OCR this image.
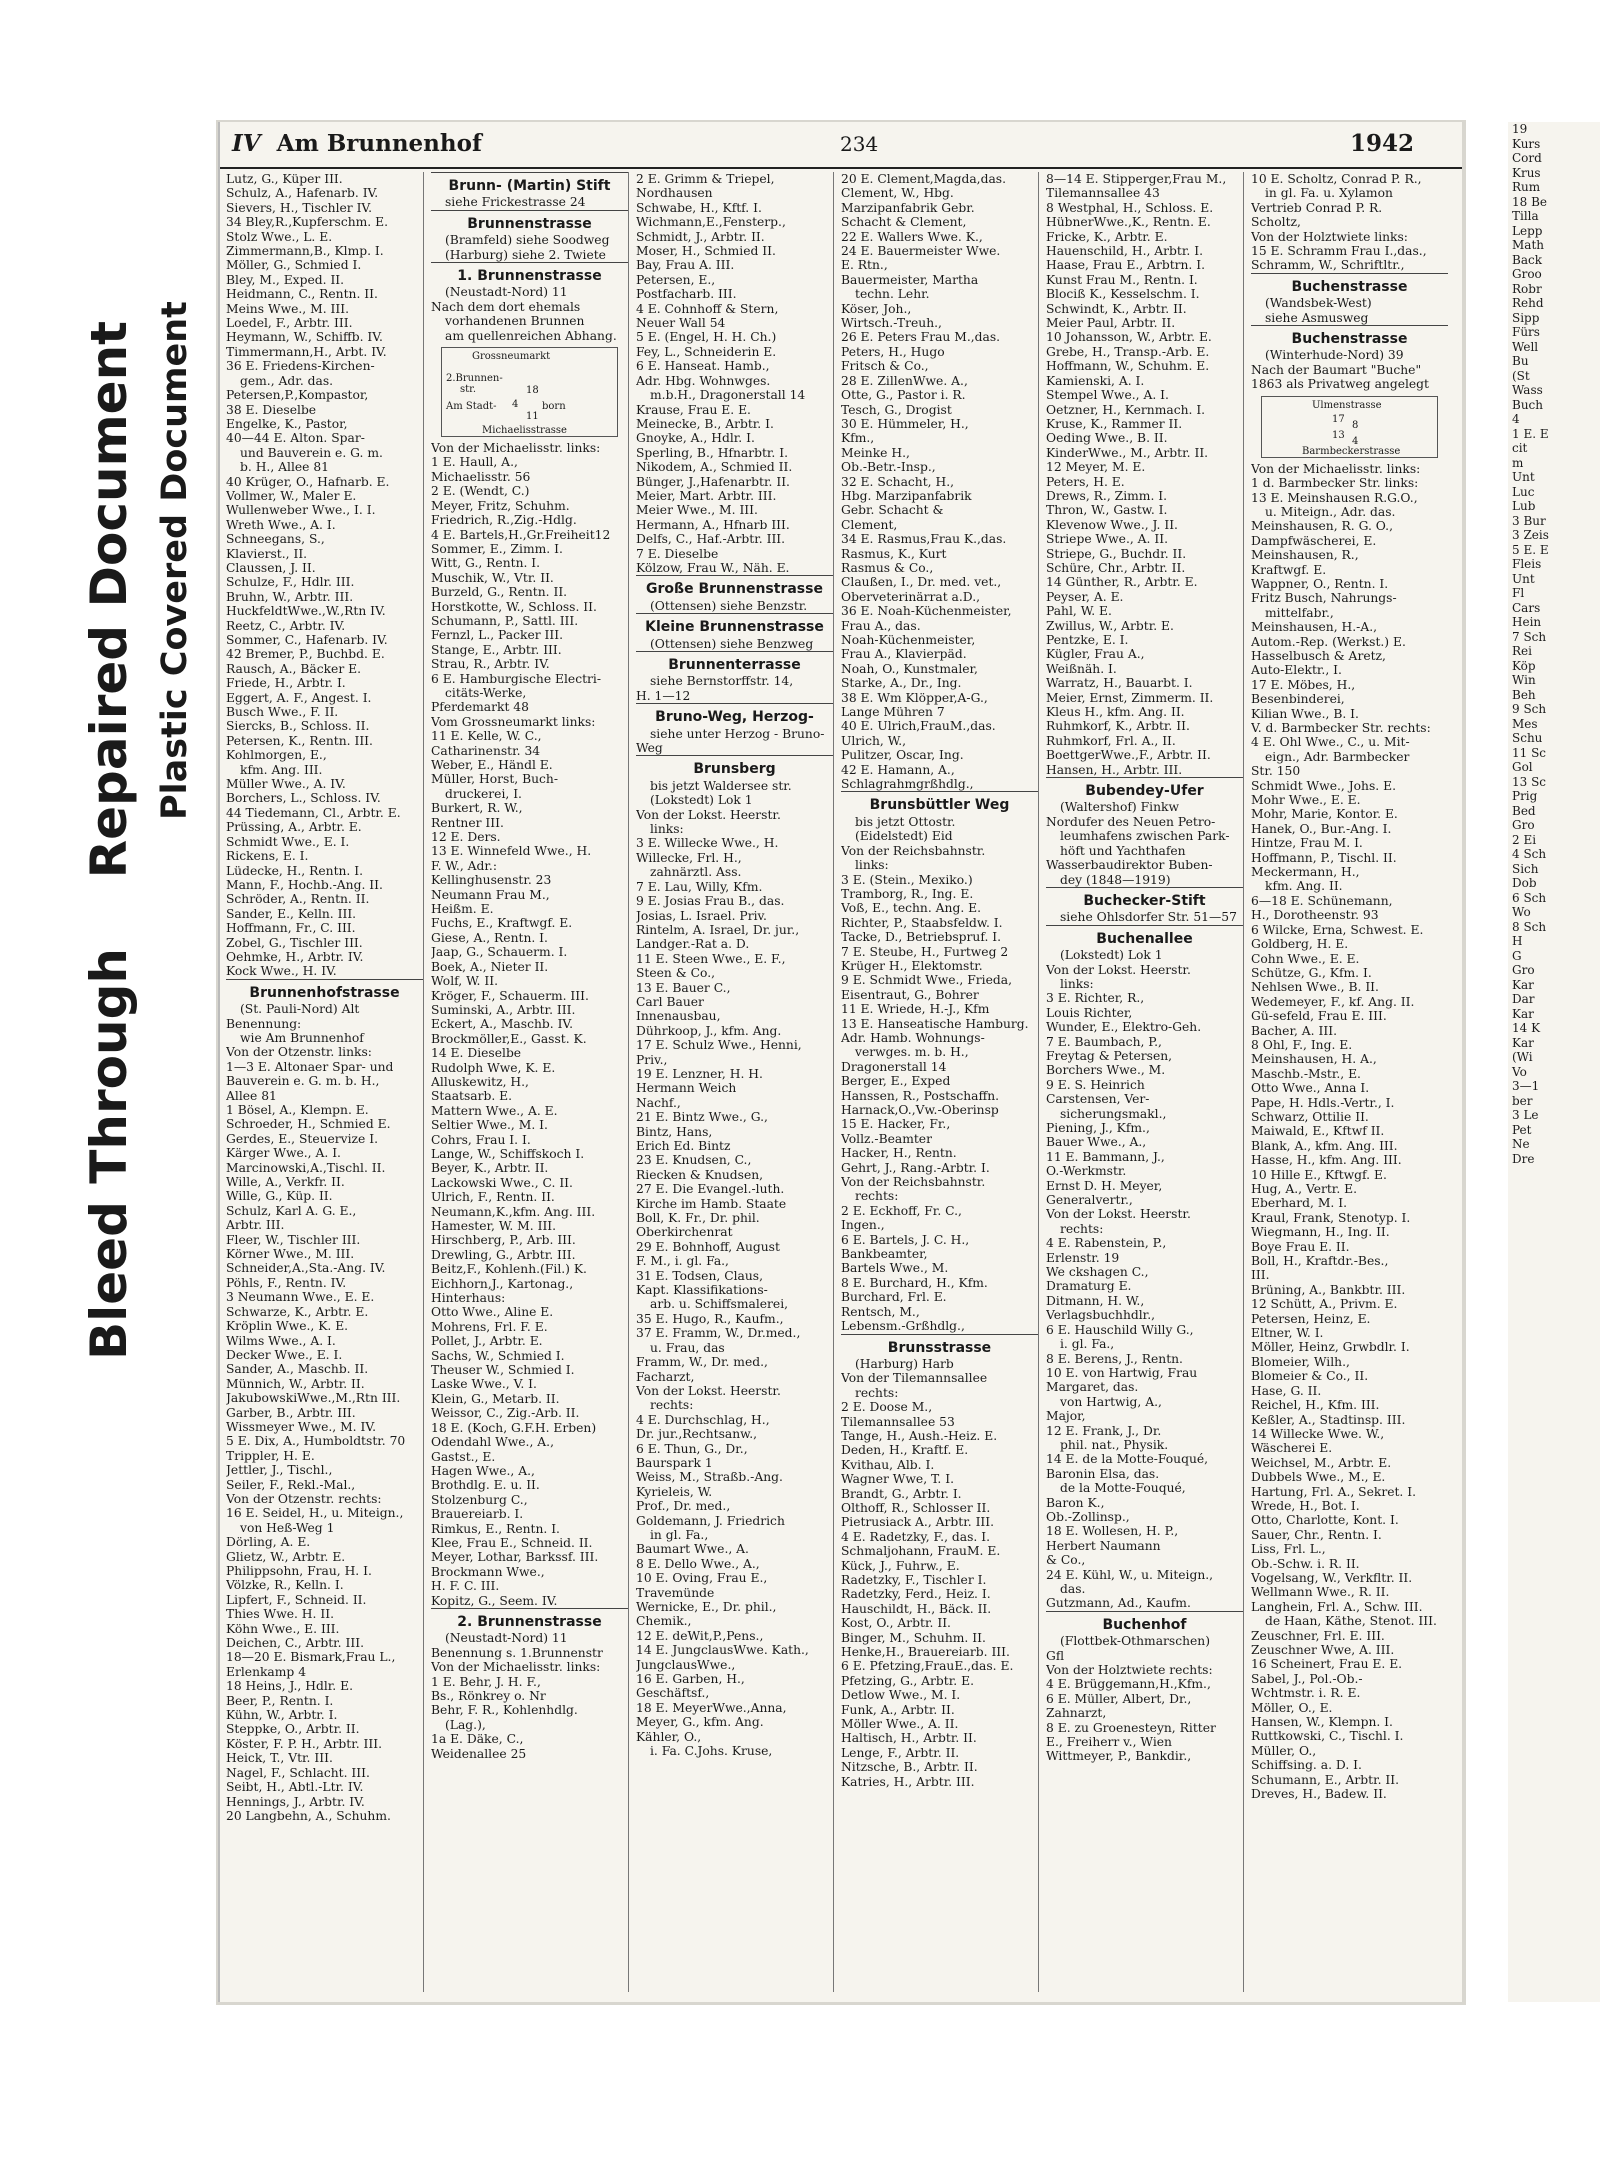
Bleed Through    Repaired Document Plastic Covered Document
IV Am Brunnenhof	234	1942
Lutz, G., Küper III.
Schulz, A., Hafenarb. IV.
Sievers, H., Tischler IV.
34 Bley,R.,Kupferschm. E.
Stolz Wwe., L. E.
Zimmermann,B., Klmp. I.
Möller, G., Schmied I.
Bley, M., Exped. II.
Heidmann, C., Rentn. II.
Meins Wwe., M. III.
Loedel, F., Arbtr. III.
Heymann, W., Schiffb. IV.
Timmermann,H., Arbt. IV.
36 E. Friedens-Kirchen-
gem., Adr. das.
Petersen,P.,Kompastor,
38 E. Dieselbe
Engelke, K., Pastor,
40—44 E. Alton. Spar-
und Bauverein e. G. m.
b. H., Allee 81
40 Krüger, O., Hafnarb. E.
Vollmer, W., Maler E.
Wullenweber Wwe., I. I.
Wreth Wwe., A. I.
Schneegans, S.,
Klavierst., II.
Claussen, J. II.
Schulze, F., Hdlr. III.
Bruhn, W., Arbtr. III.
HuckfeldtWwe.,W.,Rtn IV.
Reetz, C., Arbtr. IV.
Sommer, C., Hafenarb. IV.
42 Bremer, P., Buchbd. E.
Rausch, A., Bäcker E.
Friede, H., Arbtr. I.
Eggert, A. F., Angest. I.
Busch Wwe., F. II.
Siercks, B., Schloss. II.
Petersen, K., Rentn. III.
Kohlmorgen, E.,
kfm. Ang. III.
Müller Wwe., A. IV.
Borchers, L., Schloss. IV.
44 Tiedemann, Cl., Arbtr. E.
Prüssing, A., Arbtr. E.
Schmidt Wwe., E. I.
Rickens, E. I.
Lüdecke, H., Rentn. I.
Mann, F., Hochb.-Ang. II.
Schröder, A., Rentn. II.
Sander, E., Kelln. III.
Hoffmann, Fr., C. III.
Zobel, G., Tischler III.
Oehmke, H., Arbtr. IV.
Kock Wwe., H. IV.
Brunnenhofstrasse
(St. Pauli-Nord) Alt
Benennung:
wie Am Brunnenhof
Von der Otzenstr. links:
1—3 E. Altonaer Spar- und
Bauverein e. G. m. b. H.,
Allee 81
1 Bösel, A., Klempn. E.
Schroeder, H., Schmied E.
Gerdes, E., Steuervize I.
Kärger Wwe., A. I.
Marcinowski,A.,Tischl. II.
Wille, A., Verkfr. II.
Wille, G., Küp. II.
Schulz, Karl A. G. E.,
Arbtr. III.
Fleer, W., Tischler III.
Körner Wwe., M. III.
Schneider,A.,Sta.-Ang. IV.
Pöhls, F., Rentn. IV.
3 Neumann Wwe., E. E.
Schwarze, K., Arbtr. E.
Kröplin Wwe., K. E.
Wilms Wwe., A. I.
Decker Wwe., E. I.
Sander, A., Maschb. II.
Münnich, W., Arbtr. II.
JakubowskiWwe.,M.,Rtn III.
Garber, B., Arbtr. III.
Wissmeyer Wwe., M. IV.
5 E. Dix, A., Humboldtstr. 70
Trippler, H. E.
Jettler, J., Tischl.,
Seiler, F., Rekl.-Mal.,
Von der Otzenstr. rechts:
16 E. Seidel, H., u. Miteign.,
von Heß-Weg 1
Dörling, A. E.
Glietz, W., Arbtr. E.
Philippsohn, Frau, H. I.
Völzke, R., Kelln. I.
Lipfert, F., Schneid. II.
Thies Wwe. H. II.
Köhn Wwe., E. III.
Deichen, C., Arbtr. III.
18—20 E. Bismark,Frau L.,
Erlenkamp 4
18 Heins, J., Hdlr. E.
Beer, P., Rentn. I.
Kühn, W., Arbtr. I.
Steppke, O., Arbtr. II.
Köster, F. P. H., Arbtr. III.
Heick, T., Vtr. III.
Nagel, F., Schlacht. III.
Seibt, H., Abtl.-Ltr. IV.
Hennings, J., Arbtr. IV.
20 Langbehn, A., Schuhm.
Brunn- (Martin) Stift
siehe Frickestrasse 24
Brunnenstrasse
(Bramfeld) siehe Soodweg
(Harburg) siehe 2. Twiete
1. Brunnenstrasse
(Neustadt-Nord) 11
Nach dem dort ehemals
vorhandenen Brunnen
am quellenreichen Abhang.
Grossneumarkt
2.Brunnen-
str.
Am Stadt- 4
18
11
born
Michaelisstrasse
Von der Michaelisstr. links:
1 E. Haull, A.,
Michaelisstr. 56
2 E. (Wendt, C.)
Meyer, Fritz, Schuhm.
Friedrich, R.,Zig.-Hdlg.
4 E. Bartels,H.,Gr.Freiheit12
Sommer, E., Zimm. I.
Witt, G., Rentn. I.
Muschik, W., Vtr. II.
Burzeld, G., Rentn. II.
Horstkotte, W., Schloss. II.
Schumann, P., Sattl. III.
Fernzl, L., Packer III.
Stange, E., Arbtr. III.
Strau, R., Arbtr. IV.
6 E. Hamburgische Electri-
citäts-Werke,
Pferdemarkt 48
Vom Grossneumarkt links:
11 E. Kelle, W. C.,
Catharinenstr. 34
Weber, E., Händl E.
Müller, Horst, Buch-
druckerei, I.
Burkert, R. W.,
Rentner III.
12 E. Ders.
13 E. Winnefeld Wwe., H.
F. W., Adr.:
Kellinghusenstr. 23
Neumann Frau M.,
Heißm. E.
Fuchs, E., Kraftwgf. E.
Giese, A., Rentn. I.
Jaap, G., Schauerm. I.
Boek, A., Nieter II.
Wolf, W. II.
Kröger, F., Schauerm. III.
Suminski, A., Arbtr. III.
Eckert, A., Maschb. IV.
Brockmöller,E., Gasst. K.
14 E. Dieselbe
Rudolph Wwe, K. E.
Alluskewitz, H.,
Staatsarb. E.
Mattern Wwe., A. E.
Seltier Wwe., M. I.
Cohrs, Frau I. I.
Lange, W., Schiffskoch I.
Beyer, K., Arbtr. II.
Lackowski Wwe., C. II.
Ulrich, F., Rentn. II.
Neumann,K.,kfm. Ang. III.
Hamester, W. M. III.
Hirschberg, P., Arb. III.
Drewling, G., Arbtr. III.
Beitz,F., Kohlenh.(Fil.) K.
Eichhorn,J., Kartonag.,
Hinterhaus:
Otto Wwe., Aline E.
Mohrens, Frl. F. E.
Pollet, J., Arbtr. E.
Sachs, W., Schmied I.
Theuser W., Schmied I.
Laske Wwe., V. I.
Klein, G., Metarb. II.
Weissor, C., Zig.-Arb. II.
18 E. (Koch, G.F.H. Erben)
Odendahl Wwe., A.,
Gastst., E.
Hagen Wwe., A.,
Brothdlg. E. u. II.
Stolzenburg C.,
Brauereiarb. I.
Rimkus, E., Rentn. I.
Klee, Frau E., Schneid. II.
Meyer, Lothar, Barkssf. III.
Brockmann Wwe.,
H. F. C. III.
Kopitz, G., Seem. IV.
2. Brunnenstrasse
(Neustadt-Nord) 11
Benennung s. 1.Brunnenstr
Von der Michaelisstr. links:
1 E. Behr, J. H. F.,
Bs., Rönkrey o. Nr
Behr, F. R., Kohlenhdlg.
(Lag.),
1a E. Däke, C.,
Weidenallee 25
2 E. Grimm & Triepel,
Nordhausen
Schwabe, H., Kftf. I.
Wichmann,E.,Fensterp.,
Schmidt, J., Arbtr. II.
Moser, H., Schmied II.
Bay, Frau A. III.
Petersen, E.,
Postfacharb. III.
4 E. Cohnhoff & Stern,
Neuer Wall 54
5 E. (Engel, H. H. Ch.)
Fey, L., Schneiderin E.
6 E. Hanseat. Hamb.,
Adr. Hbg. Wohnwges.
m.b.H., Dragonerstall 14
Krause, Frau E. E.
Meinecke, B., Arbtr. I.
Gnoyke, A., Hdlr. I.
Sperling, B., Hfnarbtr. I.
Nikodem, A., Schmied II.
Bünger, J.,Hafenarbtr. II.
Meier, Mart. Arbtr. III.
Meier Wwe., M. III.
Hermann, A., Hfnarb III.
Delfs, C., Haf.-Arbtr. III.
7 E. Dieselbe
Kölzow, Frau W., Näh. E.
Große Brunnenstrasse
(Ottensen) siehe Benzstr.
Kleine Brunnenstrasse
(Ottensen) siehe Benzweg
Brunnenterrasse
siehe Bernstorffstr. 14,
H. 1—12
Bruno-Weg, Herzog-
siehe unter Herzog - Bruno-
Weg
Brunsberg
bis jetzt Waldersee str.
(Lokstedt) Lok 1
Von der Lokst. Heerstr.
links:
3 E. Willecke Wwe., H.
Willecke, Frl. H.,
zahnärztl. Ass.
7 E. Lau, Willy, Kfm.
9 E. Josias Frau B., das.
Josias, L. Israel. Priv.
Rintelm, A. Israel, Dr. jur.,
Landger.-Rat a. D.
11 E. Steen Wwe., E. F.,
Steen & Co.,
13 E. Bauer C.,
Carl Bauer
Innenausbau,
Dührkoop, J., kfm. Ang.
17 E. Schulz Wwe., Henni,
Priv.,
19 E. Lenzner, H. H.
Hermann Weich
Nachf.,
21 E. Bintz Wwe., G.,
Bintz, Hans,
Erich Ed. Bintz
23 E. Knudsen, C.,
Riecken & Knudsen,
27 E. Die Evangel.-luth.
Kirche im Hamb. Staate
Boll, K. Fr., Dr. phil.
Oberkirchenrat
29 E. Bohnhoff, August
F. M., i. gl. Fa.,
31 E. Todsen, Claus,
Kapt. Klassifikations-
arb. u. Schiffsmalerei,
35 E. Hugo, R., Kaufm.,
37 E. Framm, W., Dr.med.,
u. Frau, das
Framm, W., Dr. med.,
Facharzt,
Von der Lokst. Heerstr.
rechts:
4 E. Durchschlag, H.,
Dr. jur.,Rechtsanw.,
6 E. Thun, G., Dr.,
Baurspark 1
Weiss, M., Straßb.-Ang.
Kyrieleis, W.
Prof., Dr. med.,
Goldemann, J. Friedrich
in gl. Fa.,
Baumart Wwe., A.
8 E. Dello Wwe., A.,
10 E. Oving, Frau E.,
Travemünde
Wernicke, E., Dr. phil.,
Chemik.,
12 E. deWit,P.,Pens.,
14 E. JungclausWwe. Kath.,
JungclausWwe.,
16 E. Garben, H.,
Geschäftsf.,
18 E. MeyerWwe.,Anna,
Meyer, G., kfm. Ang.
Kähler, O.,
i. Fa. C.Johs. Kruse,
20 E. Clement,Magda,das.
Clement, W., Hbg.
Marzipanfabrik Gebr.
Schacht & Clement,
22 E. Wallers Wwe. K.,
24 E. Bauermeister Wwe.
E. Rtn.,
Bauermeister, Martha
techn. Lehr.
Köser, Joh.,
Wirtsch.-Treuh.,
26 E. Peters Frau M.,das.
Peters, H., Hugo
Fritsch & Co.,
28 E. ZillenWwe. A.,
Otte, G., Pastor i. R.
Tesch, G., Drogist
30 E. Hümmeler, H.,
Kfm.,
Meinke H.,
Ob.-Betr.-Insp.,
32 E. Schacht, H.,
Hbg. Marzipanfabrik
Gebr. Schacht &
Clement,
34 E. Rasmus,Frau K.,das.
Rasmus, K., Kurt
Rasmus & Co.,
Claußen, I., Dr. med. vet.,
Oberveterinärrat a.D.,
36 E. Noah-Küchenmeister,
Frau A., das.
Noah-Küchenmeister,
Frau A., Klavierpäd.
Noah, O., Kunstmaler,
Starke, A., Dr., Ing.
38 E. Wm Klöpper,A-G.,
Lange Mühren 7
40 E. Ulrich,FrauM.,das.
Ulrich, W.,
Pulitzer, Oscar, Ing.
42 E. Hamann, A.,
Schlagrahmgrßhdlg.,
Brunsbüttler Weg
bis jetzt Ottostr.
(Eidelstedt) Eid
Von der Reichsbahnstr.
links:
3 E. (Stein., Mexiko.)
Tramborg, R., Ing. E.
Voß, E., techn. Ang. E.
Richter, P., Staabsfeldw. I.
Tacke, D., Betriebspruf. I.
7 E. Steube, H., Furtweg 2
Krüger H., Elektomstr.
9 E. Schmidt Wwe., Frieda,
Eisentraut, G., Bohrer
11 E. Wriede, H.-J., Kfm
13 E. Hanseatische Hamburg.
Adr. Hamb. Wohnungs-
verwges. m. b. H.,
Dragonerstall 14
Berger, E., Exped
Hanssen, R., Postschaffn.
Harnack,O.,Vw.-Oberinsp
15 E. Hacker, Fr.,
Vollz.-Beamter
Hacker, H., Rentn.
Gehrt, J., Rang.-Arbtr. I.
Von der Reichsbahnstr.
rechts:
2 E. Eckhoff, Fr. C.,
Ingen.,
6 E. Bartels, J. C. H.,
Bankbeamter,
Bartels Wwe., M.
8 E. Burchard, H., Kfm.
Burchard, Frl. E.
Rentsch, M.,
Lebensm.-Grßhdlg.,
Brunsstrasse
(Harburg) Harb
Von der Tilemannsallee
rechts:
2 E. Doose M.,
Tilemannsallee 53
Tange, H., Aush.-Heiz. E.
Deden, H., Kraftf. E.
Kvithau, Alb. I.
Wagner Wwe, T. I.
Brandt, G., Arbtr. I.
Olthoff, R., Schlosser II.
Pietrusiack A., Arbtr. III.
4 E. Radetzky, F., das. I.
Schmaljohann, FrauM. E.
Kück, J., Fuhrw., E.
Radetzky, F., Tischler I.
Radetzky, Ferd., Heiz. I.
Hauschildt, H., Bäck. II.
Kost, O., Arbtr. II.
Binger, M., Schuhm. II.
Henke,H., Brauereiarb. III.
6 E. Pfetzing,FrauE.,das. E.
Pfetzing, G., Arbtr. E.
Detlow Wwe., M. I.
Funk, A., Arbtr. II.
Möller Wwe., A. II.
Haltisch, H., Arbtr. II.
Lenge, F., Arbtr. II.
Nitzsche, B., Arbtr. II.
Katries, H., Arbtr. III.
8—14 E. Stipperger,Frau M.,
Tilemannsallee 43
8 Westphal, H., Schloss. E.
HübnerWwe.,K., Rentn. E.
Fricke, K., Arbtr. E.
Hauenschild, H., Arbtr. I.
Haase, Frau E., Arbtrn. I.
Kunst Frau M., Rentn. I.
Blociß K., Kesselschm. I.
Schwindt, K., Arbtr. II.
Meier Paul, Arbtr. II.
10 Johansson, W., Arbtr. E.
Grebe, H., Transp.-Arb. E.
Hoffmann, W., Schuhm. E.
Kamienski, A. I.
Stempel Wwe., A. I.
Oetzner, H., Kernmach. I.
Kruse, K., Rammer II.
Oeding Wwe., B. II.
KinderWwe., M., Arbtr. II.
12 Meyer, M. E.
Peters, H. E.
Drews, R., Zimm. I.
Thron, W., Gastw. I.
Klevenow Wwe., J. II.
Striepe Wwe., A. II.
Striepe, G., Buchdr. II.
Schüre, Chr., Arbtr. II.
14 Günther, R., Arbtr. E.
Peyser, A. E.
Pahl, W. E.
Zwillus, W., Arbtr. E.
Pentzke, E. I.
Kügler, Frau A.,
Weißnäh. I.
Warratz, H., Bauarbt. I.
Meier, Ernst, Zimmerm. II.
Kleus H., kfm. Ang. II.
Ruhmkorf, K., Arbtr. II.
Ruhmkorf, Frl. A., II.
BoettgerWwe.,F., Arbtr. II.
Hansen, H., Arbtr. III.
Bubendey-Ufer
(Waltershof) Finkw
Nordufer des Neuen Petro-
leumhafens zwischen Park-
höft und Yachthafen
Wasserbaudirektor Buben-
dey (1848—1919)
Buchecker-Stift
siehe Ohlsdorfer Str. 51—57
Buchenallee
(Lokstedt) Lok 1
Von der Lokst. Heerstr.
links:
3 E. Richter, R.,
Louis Richter,
Wunder, E., Elektro-Geh.
7 E. Baumbach, P.,
Freytag & Petersen,
Borchers Wwe., M.
9 E. S. Heinrich
Carstensen, Ver-
sicherungsmakl.,
Piening, J., Kfm.,
Bauer Wwe., A.,
11 E. Bammann, J.,
O.-Werkmstr.
Ernst D. H. Meyer,
Generalvertr.,
Von der Lokst. Heerstr.
rechts:
4 E. Rabenstein, P.,
Erlenstr. 19
We ckshagen C.,
Dramaturg E.
Ditmann, H. W.,
Verlagsbuchhdlr.,
6 E. Hauschild Willy G.,
i. gl. Fa.,
8 E. Berens, J., Rentn.
10 E. von Hartwig, Frau
Margaret, das.
von Hartwig, A.,
Major,
12 E. Frank, J., Dr.
phil. nat., Physik.
14 E. de la Motte-Fouqué,
Baronin Elsa, das.
de la Motte-Fouqué,
Baron K.,
Ob.-Zollinsp.,
18 E. Wollesen, H. P.,
Herbert Naumann
& Co.,
24 E. Kühl, W., u. Miteign.,
das.
Gutzmann, Ad., Kaufm.
Buchenhof
(Flottbek-Othmarschen)
Gfl
Von der Holztwiete rechts:
4 E. Brüggemann,H.,Kfm.,
6 E. Müller, Albert, Dr.,
Zahnarzt,
8 E. zu Groenesteyn, Ritter
E., Freiherr v., Wien
Wittmeyer, P., Bankdir.,
10 E. Scholtz, Conrad P. R.,
in gl. Fa. u. Xylamon
Vertrieb Conrad P. R.
Scholtz,
Von der Holztwiete links:
15 E. Schramm Frau I.,das.,
Schramm, W., Schriftltr.,
Buchenstrasse
(Wandsbek-West)
siehe Asmusweg
Buchenstrasse
(Winterhude-Nord) 39
Nach der Baumart "Buche"
1863 als Privatweg angelegt
Ulmenstrasse
17
8
13
4
Barmbeckerstrasse
Von der Michaelisstr. links:
1 d. Barmbecker Str. links:
13 E. Meinshausen R.G.O.,
u. Miteign., Adr. das.
Meinshausen, R. G. O.,
Dampfwäscherei, E.
Meinshausen, R.,
Kraftwgf. E.
Wappner, O., Rentn. I.
Fritz Busch, Nahrungs-
mittelfabr.,
Meinshausen, H.-A.,
Autom.-Rep. (Werkst.) E.
Hasselbusch & Aretz,
Auto-Elektr., I.
17 E. Möbes, H.,
Besenbinderei,
Kilian Wwe., B. I.
V. d. Barmbecker Str. rechts:
4 E. Ohl Wwe., C., u. Mit-
eign., Adr. Barmbecker
Str. 150
Schmidt Wwe., Johs. E.
Mohr Wwe., E. E.
Mohr, Marie, Kontor. E.
Hanek, O., Bur.-Ang. I.
Hintze, Frau M. I.
Hoffmann, P., Tischl. II.
Meckermann, H.,
kfm. Ang. II.
6—18 E. Schünemann,
H., Dorotheenstr. 93
6 Wilcke, Erna, Schwest. E.
Goldberg, H. E.
Cohn Wwe., E. E.
Schütze, G., Kfm. I.
Nehlsen Wwe., B. II.
Wedemeyer, F., kf. Ang. II.
Gü-sefeld, Frau E. III.
Bacher, A. III.
8 Ohl, F., Ing. E.
Meinshausen, H. A.,
Maschb.-Mstr., E.
Otto Wwe., Anna I.
Pape, H. Hdls.-Vertr., I.
Schwarz, Ottilie II.
Maiwald, E., Kftwf II.
Blank, A., kfm. Ang. III.
Hasse, H., kfm. Ang. III.
10 Hille E., Kftwgf. E.
Hug, A., Vertr. E.
Eberhard, M. I.
Kraul, Frank, Stenotyp. I.
Wiegmann, H., Ing. II.
Boye Frau E. II.
Boll, H., Kraftdr.-Bes.,
III.
Brüning, A., Bankbtr. III.
12 Schütt, A., Privm. E.
Petersen, Heinz, E.
Eltner, W. I.
Möller, Heinz, Grwbdlr. I.
Blomeier, Wilh.,
Blomeier & Co., II.
Hase, G. II.
Reichel, H., Kfm. III.
Keßler, A., Stadtinsp. III.
14 Willecke Wwe. W.,
Wäscherei E.
Weichsel, M., Arbtr. E.
Dubbels Wwe., M., E.
Hartung, Frl. A., Sekret. I.
Wrede, H., Bot. I.
Otto, Charlotte, Kont. I.
Sauer, Chr., Rentn. I.
Liss, Frl. L.,
Ob.-Schw. i. R. II.
Vogelsang, W., Verkfltr. II.
Wellmann Wwe., R. II.
Langhein, Frl. A., Schw. III.
de Haan, Käthe, Stenot. III.
Zeuschner, Frl. E. III.
Zeuschner Wwe, A. III.
16 Scheinert, Frau E. E.
Sabel, J., Pol.-Ob.-
Wchtmstr. i. R. E.
Möller, O., E.
Hansen, W., Klempn. I.
Ruttkowski, C., Tischl. I.
Müller, O.,
Schiffsing. a. D. I.
Schumann, E., Arbtr. II.
Dreves, H., Badew. II.
19
Kurs
Cord
Krus
Rum
18 Be
Tilla
Lepp
Math
Back
Groo
Robr
Rehd
Sipp
Fürs
Well
Bu
(St
Wass
Buch
4
1 E. E
cit
m
Unt
Luc
Lub
3 Bur
3 Zeis
5 E. E
Fleis
Unt
Fl
Cars
Hein
7 Sch
Rei
Köp
Win
Beh
9 Sch
Mes
Schu
11 Sc
Gol
13 Sc
Prig
Bed
Gro
2 Ei
4 Sch
Sich
Dob
6 Sch
Wo
8 Sch
H
G
Gro
Kar
Dar
Kar
14 K
Kar
(Wi
Vo
3—1
ber
3 Le
Pet
Ne
Dre
